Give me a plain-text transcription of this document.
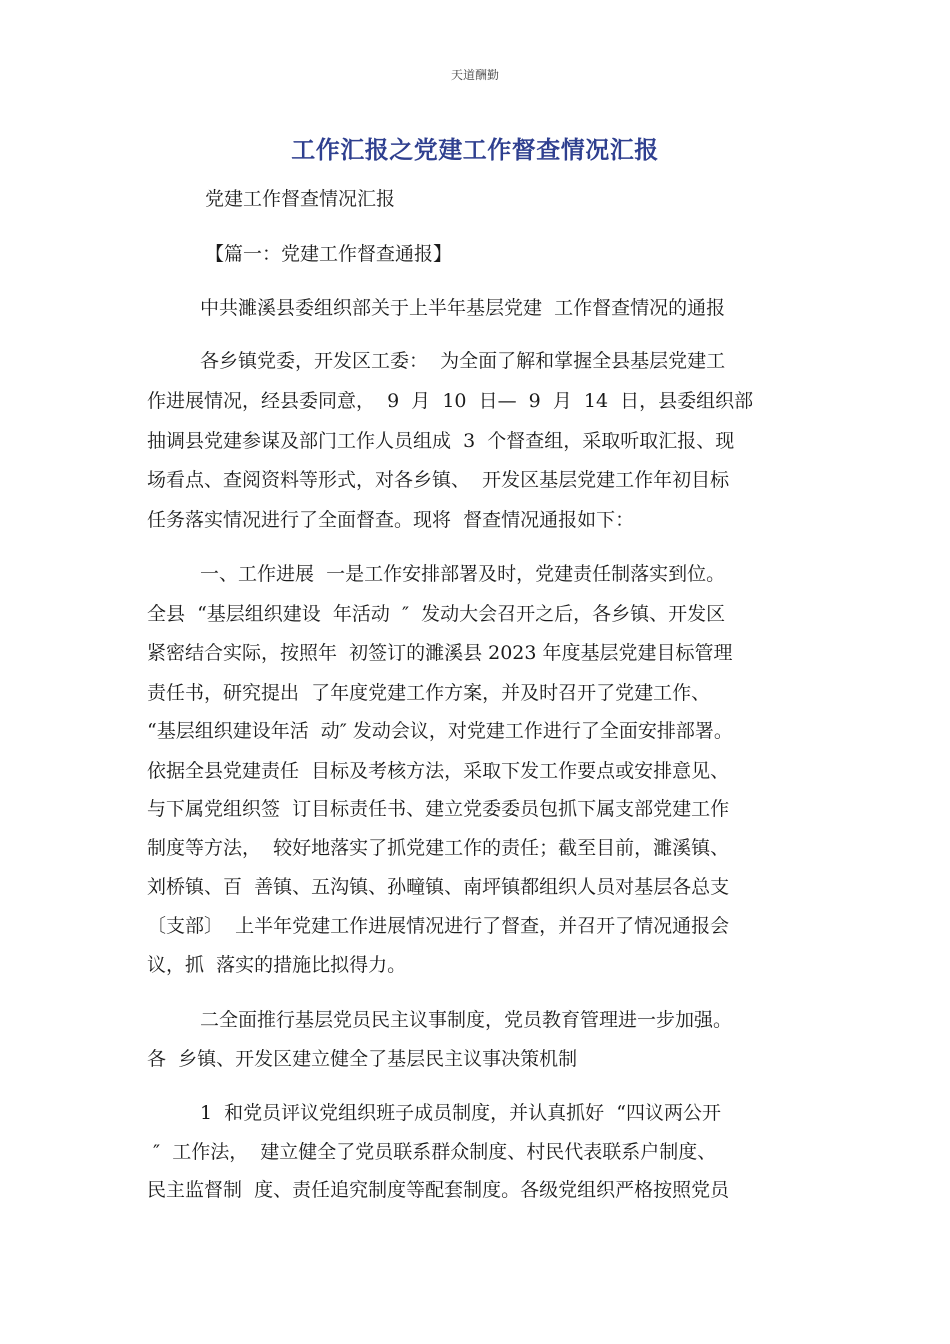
天道酬勤
工作汇报之党建工作督查情况汇报
党建工作督查情况汇报
【篇一：党建工作督查通报】
中共濉溪县委组织部关于上半年基层党建  工作督查情况的通报
各乡镇党委，开发区工委：  为全面了解和掌握全县基层党建工
作进展情况，经县委同意，  9  月  10  日—  9  月  14  日，县委组织部
抽调县党建参谋及部门工作人员组成  3  个督查组，采取听取汇报、现
场看点、查阅资料等形式，对各乡镇、  开发区基层党建工作年初目标
任务落实情况进行了全面督查。现将  督查情况通报如下：
一、工作进展  一是工作安排部署及时，党建责任制落实到位。
全县  “基层组织建设  年活动  ″  发动大会召开之后，各乡镇、开发区
紧密结合实际，按照年  初签订的濉溪县 2023 年度基层党建目标管理
责任书，研究提出  了年度党建工作方案，并及时召开了党建工作、
“基层组织建设年活  动″ 发动会议，对党建工作进行了全面安排部署。
依据全县党建责任  目标及考核方法，采取下发工作要点或安排意见、
与下属党组织签  订目标责任书、建立党委委员包抓下属支部党建工作
制度等方法，  较好地落实了抓党建工作的责任；截至目前，濉溪镇、
刘桥镇、百  善镇、五沟镇、孙疃镇、南坪镇都组织人员对基层各总支
〔支部〕  上半年党建工作进展情况进行了督查，并召开了情况通报会
议，抓  落实的措施比拟得力。
二全面推行基层党员民主议事制度，党员教育管理进一步加强。
各  乡镇、开发区建立健全了基层民主议事决策机制
1  和党员评议党组织班子成员制度，并认真抓好  “四议两公开
″  工作法，  建立健全了党员联系群众制度、村民代表联系户制度、
民主监督制  度、责任追究制度等配套制度。各级党组织严格按照党员
